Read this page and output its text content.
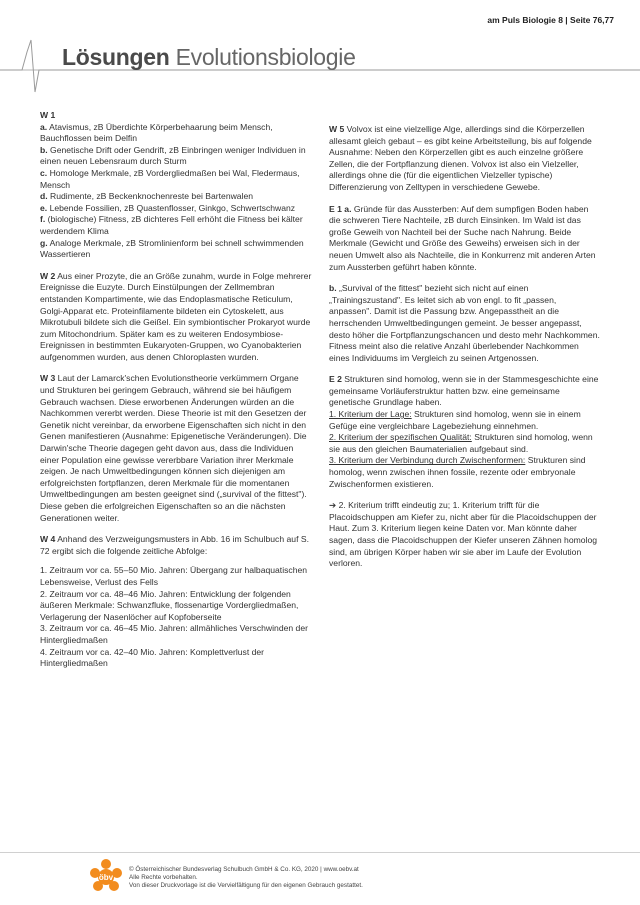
am Puls Biologie 8 | Seite 76,77
Lösungen Evolutionsbiologie

W 1

a. Atavismus, zB Überdichte Körperbehaarung beim Mensch, Bauchflossen beim Delfin

b. Genetische Drift oder Gendrift, zB Einbringen weniger Individuen in einen neuen Lebensraum durch Sturm

c. Homologe Merkmale, zB Vordergliedmaßen bei Wal, Fledermaus, Mensch

d. Rudimente, zB Beckenknochenreste bei Bartenwalen

e. Lebende Fossilien, zB Quastenflosser, Ginkgo, Schwertschwanz

f. (biologische) Fitness, zB dichteres Fell erhöht die Fitness bei kälter werdendem Klima

g. Analoge Merkmale, zB Stromlinienform bei schnell schwimmenden Wassertieren

W 2 Aus einer Prozyte, die an Größe zunahm, wurde in Folge mehrerer Ereignisse die Euzyte. Durch Einstülpungen der Zellmembran entstanden Kompartimente, wie das Endoplasmatische Reticulum, Golgi-Apparat etc. Proteinfilamente bildeten ein Cytoskelett, aus Mikrotubuli bildete sich die Geißel. Ein symbiontischer Prokaryot wurde zum Mitochondrium. Später kam es zu weiteren Endosymbiose-Ereignissen in bestimmten Eukaryoten-Gruppen, wo Cyanobakterien aufgenommen wurden, aus denen Chloroplasten wurden.

W 3 Laut der Lamarck'schen Evolutionstheorie verkümmern Organe und Strukturen bei geringem Gebrauch, während sie bei häufigem Gebrauch wachsen. Diese erworbenen Änderungen würden an die Nachkommen vererbt werden. Diese Theorie ist mit den Gesetzen der Genetik nicht vereinbar, da erworbene Eigenschaften sich nicht in den Genen manifestieren (Ausnahme: Epigenetische Veränderungen). Die Darwin'sche Theorie dagegen geht davon aus, dass die Individuen einer Population eine gewisse vererbbare Variation ihrer Merkmale zeigen. Je nach Umweltbedingungen können sich diejenigen am erfolgreichsten fortpflanzen, deren Merkmale für die momentanen Umweltbedingungen am besten geeignet sind („survival of the fittest"). Diese geben die erfolgreichen Eigenschaften so an die nächsten Generationen weiter.

W 4 Anhand des Verzweigungsmusters in Abb. 16 im Schulbuch auf S. 72 ergibt sich die folgende zeitliche Abfolge:

1. Zeitraum vor ca. 55–50 Mio. Jahren: Übergang zur halbaquatischen Lebensweise, Verlust des Fells

2. Zeitraum vor ca. 48–46 Mio. Jahren: Entwicklung der folgenden äußeren Merkmale: Schwanzfluke, flossenartige Vordergliedmaßen, Verlagerung der Nasenlöcher auf Kopfoberseite

3. Zeitraum vor ca. 46–45 Mio. Jahren: allmähliches Verschwinden der Hintergliedmaßen

4. Zeitraum vor ca. 42–40 Mio. Jahren: Komplettverlust der Hintergliedmaßen

W 5 Volvox ist eine vielzellige Alge, allerdings sind die Körperzellen allesamt gleich gebaut – es gibt keine Arbeitsteilung, bis auf folgende Ausnahme: Neben den Körperzellen gibt es auch einzelne größere Zellen, die der Fortpflanzung dienen. Volvox ist also ein Vielzeller, allerdings ohne die (für die eigentlichen Vielzeller typische) Differenzierung von Zelltypen in verschiedene Gewebe.

E 1 a. Gründe für das Aussterben: Auf dem sumpfigen Boden haben die schweren Tiere Nachteile, zB durch Einsinken. Im Wald ist das große Geweih von Nachteil bei der Suche nach Nahrung. Beide Merkmale (Gewicht und Größe des Geweihs) erweisen sich in der neuen Umwelt also als Nachteile, die in Konkurrenz mit anderen Arten zum Aussterben geführt haben könnte.

b. „Survival of the fittest" bezieht sich nicht auf einen „Trainingszustand". Es leitet sich ab von engl. to fit „passen, anpassen". Damit ist die Passung bzw. Angepasstheit an die herrschenden Umweltbedingungen gemeint. Je besser angepasst, desto höher die Fortpflanzungschancen und desto mehr Nachkommen. Fitness meint also die relative Anzahl überlebender Nachkommen eines Individuums im Vergleich zu seinen Artgenossen.

E 2 Strukturen sind homolog, wenn sie in der Stammesgeschichte eine gemeinsame Vorläuferstruktur hatten bzw. eine gemeinsame genetische Grundlage haben.

1. Kriterium der Lage: Strukturen sind homolog, wenn sie in einem Gefüge eine vergleichbare Lagebeziehung einnehmen.

2. Kriterium der spezifischen Qualität: Strukturen sind homolog, wenn sie aus den gleichen Baumaterialien aufgebaut sind.

3. Kriterium der Verbindung durch Zwischenformen: Strukturen sind homolog, wenn zwischen ihnen fossile, rezente oder embryonale Zwischenformen existieren.

➔ 2. Kriterium trifft eindeutig zu; 1. Kriterium trifft für die Placoidschuppen am Kiefer zu, nicht aber für die Placoidschuppen der Haut. Zum 3. Kriterium liegen keine Daten vor. Man könnte daher sagen, dass die Placoidschuppen der Kiefer unseren Zähnen homolog sind, am übrigen Körper haben wir sie aber im Laufe der Evolution verloren.

öbv
© Österreichischer Bundesverlag Schulbuch GmbH & Co. KG, 2020 | www.oebv.at
Alle Rechte vorbehalten.
Von dieser Druckvorlage ist die Vervielfältigung für den eigenen Gebrauch gestattet.
